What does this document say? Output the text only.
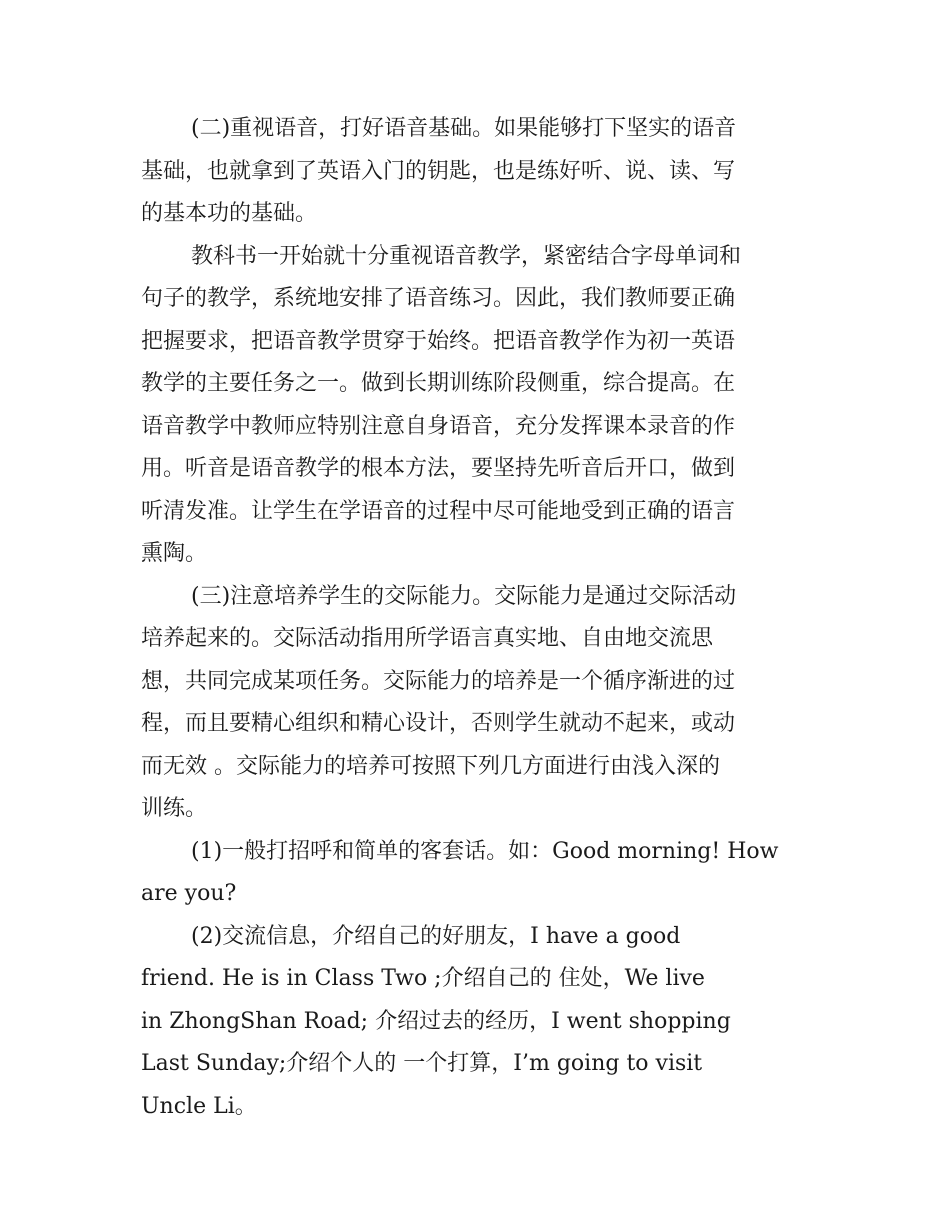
(二)重视语音，打好语音基础。如果能够打下坚实的语音
基础，也就拿到了英语入门的钥匙，也是练好听、说、读、写
的基本功的基础。
教科书一开始就十分重视语音教学，紧密结合字母单词和
句子的教学，系统地安排了语音练习。因此，我们教师要正确
把握要求，把语音教学贯穿于始终。把语音教学作为初一英语
教学的主要任务之一。做到长期训练阶段侧重，综合提高。在
语音教学中教师应特别注意自身语音，充分发挥课本录音的作
用。听音是语音教学的根本方法，要坚持先听音后开口，做到
听清发准。让学生在学语音的过程中尽可能地受到正确的语言
熏陶。
(三)注意培养学生的交际能力。交际能力是通过交际活动
培养起来的。交际活动指用所学语言真实地、自由地交流思
想，共同完成某项任务。交际能力的培养是一个循序渐进的过
程，而且要精心组织和精心设计，否则学生就动不起来，或动
而无效 。交际能力的培养可按照下列几方面进行由浅入深的
训练。
(1)一般打招呼和简单的客套话。如：Good morning! How
are you?
(2)交流信息，介绍自己的好朋友，I have a good
friend. He is in Class Two ;介绍自己的 住处，We live
in ZhongShan Road; 介绍过去的经历，I went shopping
Last Sunday;介绍个人的 一个打算，I’m going to visit
Uncle Li。
